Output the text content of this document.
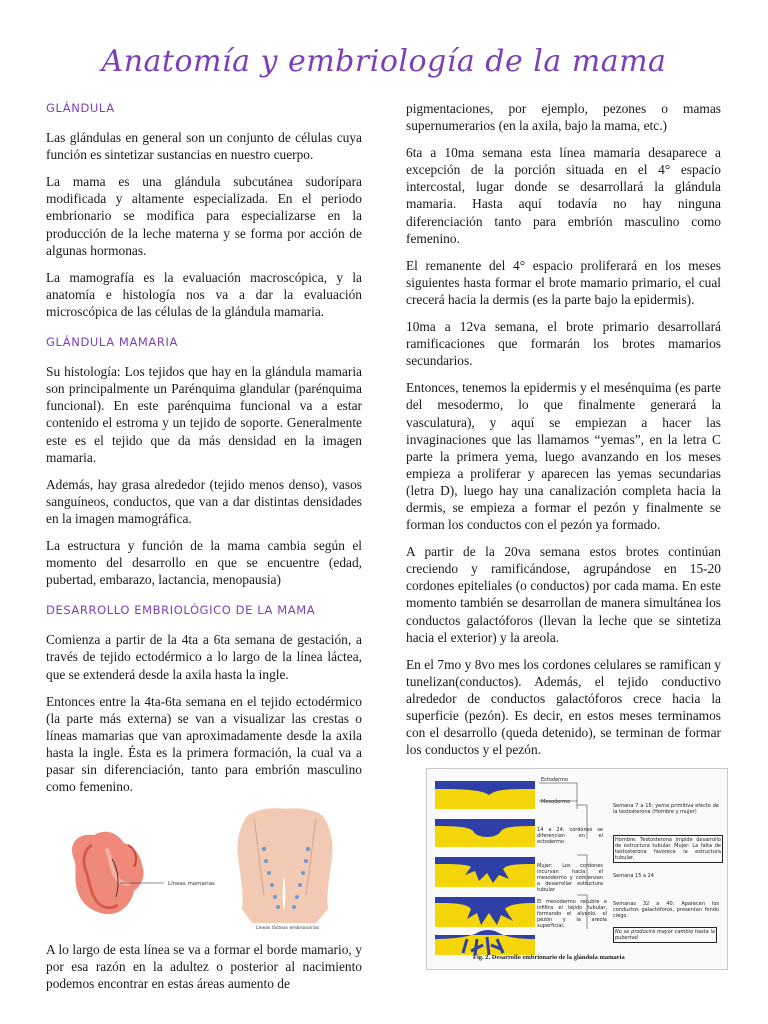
Anatomía y embriología de la mama
GLÁNDULA

Las glándulas en general son un conjunto de células cuya función es sintetizar sustancias en nuestro cuerpo.

La mama es una glándula subcutánea sudorípara modificada y altamente especializada. En el periodo embrionario se modifica para especializarse en la producción de la leche materna y se forma por acción de algunas hormonas.

La mamografía es la evaluación macroscópica, y la anatomía e histología nos va a dar la evaluación microscópica de las células de la glándula mamaria.

GLÁNDULA MAMARIA

Su histología: Los tejidos que hay en la glándula mamaria son principalmente un Parénquima glandular (parénquima funcional). En este parénquima funcional va a estar contenido el estroma y un tejido de soporte. Generalmente este es el tejido que da más densidad en la imagen mamaria.

Además, hay grasa alrededor (tejido menos denso), vasos sanguíneos, conductos, que van a dar distintas densidades en la imagen mamográfica.

La estructura y función de la mama cambia según el momento del desarrollo en que se encuentre (edad, pubertad, embarazo, lactancia, menopausia)

DESARROLLO EMBRIOLÓGICO DE LA MAMA

Comienza a partir de la 4ta a 6ta semana de gestación, a través de tejido ectodérmico a lo largo de la línea láctea, que se extenderá desde la axila hasta la ingle.

Entonces entre la 4ta-6ta semana en el tejido ectodérmico (la parte más externa) se van a visualizar las crestas o líneas mamarias que van aproximadamente desde la axila hasta la ingle. Ésta es la primera formación, la cual va a pasar sin diferenciación, tanto para embrión masculino como femenino.

Líneas mamarias
Líneas lácteas embrionarias

A lo largo de esta línea se va a formar el borde mamario, y por esa razón en la adultez o posterior al nacimiento podemos encontrar en estas áreas aumento de

pigmentaciones, por ejemplo, pezones o mamas supernumerarios (en la axila, bajo la mama, etc.)

6ta a 10ma semana esta línea mamaria desaparece a excepción de la porción situada en el 4° espacio intercostal, lugar donde se desarrollará la glándula mamaria. Hasta aquí todavía no hay ninguna diferenciación tanto para embrión masculino como femenino.

El remanente del 4° espacio proliferará en los meses siguientes hasta formar el brote mamario primario, el cual crecerá hacia la dermis (es la parte bajo la epidermis).

10ma a 12va semana, el brote primario desarrollará ramificaciones que formarán los brotes mamarios secundarios.

Entonces, tenemos la epidermis y el mesénquima (es parte del mesodermo, lo que finalmente generará la vasculatura), y aquí se empiezan a hacer las invaginaciones que las llamamos “yemas”, en la letra C parte la primera yema, luego avanzando en los meses empieza a proliferar y aparecen las yemas secundarias (letra D), luego hay una canalización completa hacia la dermis, se empieza a formar el pezón y finalmente se forman los conductos con el pezón ya formado.

A partir de la 20va semana estos brotes continúan creciendo y ramificándose, agrupándose en 15-20 cordones epiteliales (o conductos) por cada mama. En este momento también se desarrollan de manera simultánea los conductos galactóforos (llevan la leche que se sintetiza hacia el exterior) y la areola.

En el 7mo y 8vo mes los cordones celulares se ramifican y tunelizan(conductos). Además, el tejido conductivo alrededor de conductos galactóforos crece hacia la superficie (pezón). Es decir, en estos meses terminamos con el desarrollo (queda detenido), se terminan de formar los conductos y el pezón.

Ectodermo
Mesodermo
Semana 7 a 15: yema primitiva efecto de la testosterona (Hombre y mujer)
14 a 24: cordones se diferencian en el ectodermo	Hombre: Testosterona impide desarrollo de estructura tubular. Mujer: La falta de testosterona favorece la estructura tubular.
Mujer: Los cordones incurvan hacia el mesodermo y comienzan a desarrollar estructura tubular
Semana 15 a 24
El mesodermo recubre e infiltra el tejido tubular, formando el alvéolo, el pezón y la areola superficial.
Semanas 32 a 40: Aparecen los conductos galactóforos, presentan fondo ciego.
No se producirá mayor cambio hasta la pubertad
Fig. 2. Desarrollo embrionario de la glándula mamaria
